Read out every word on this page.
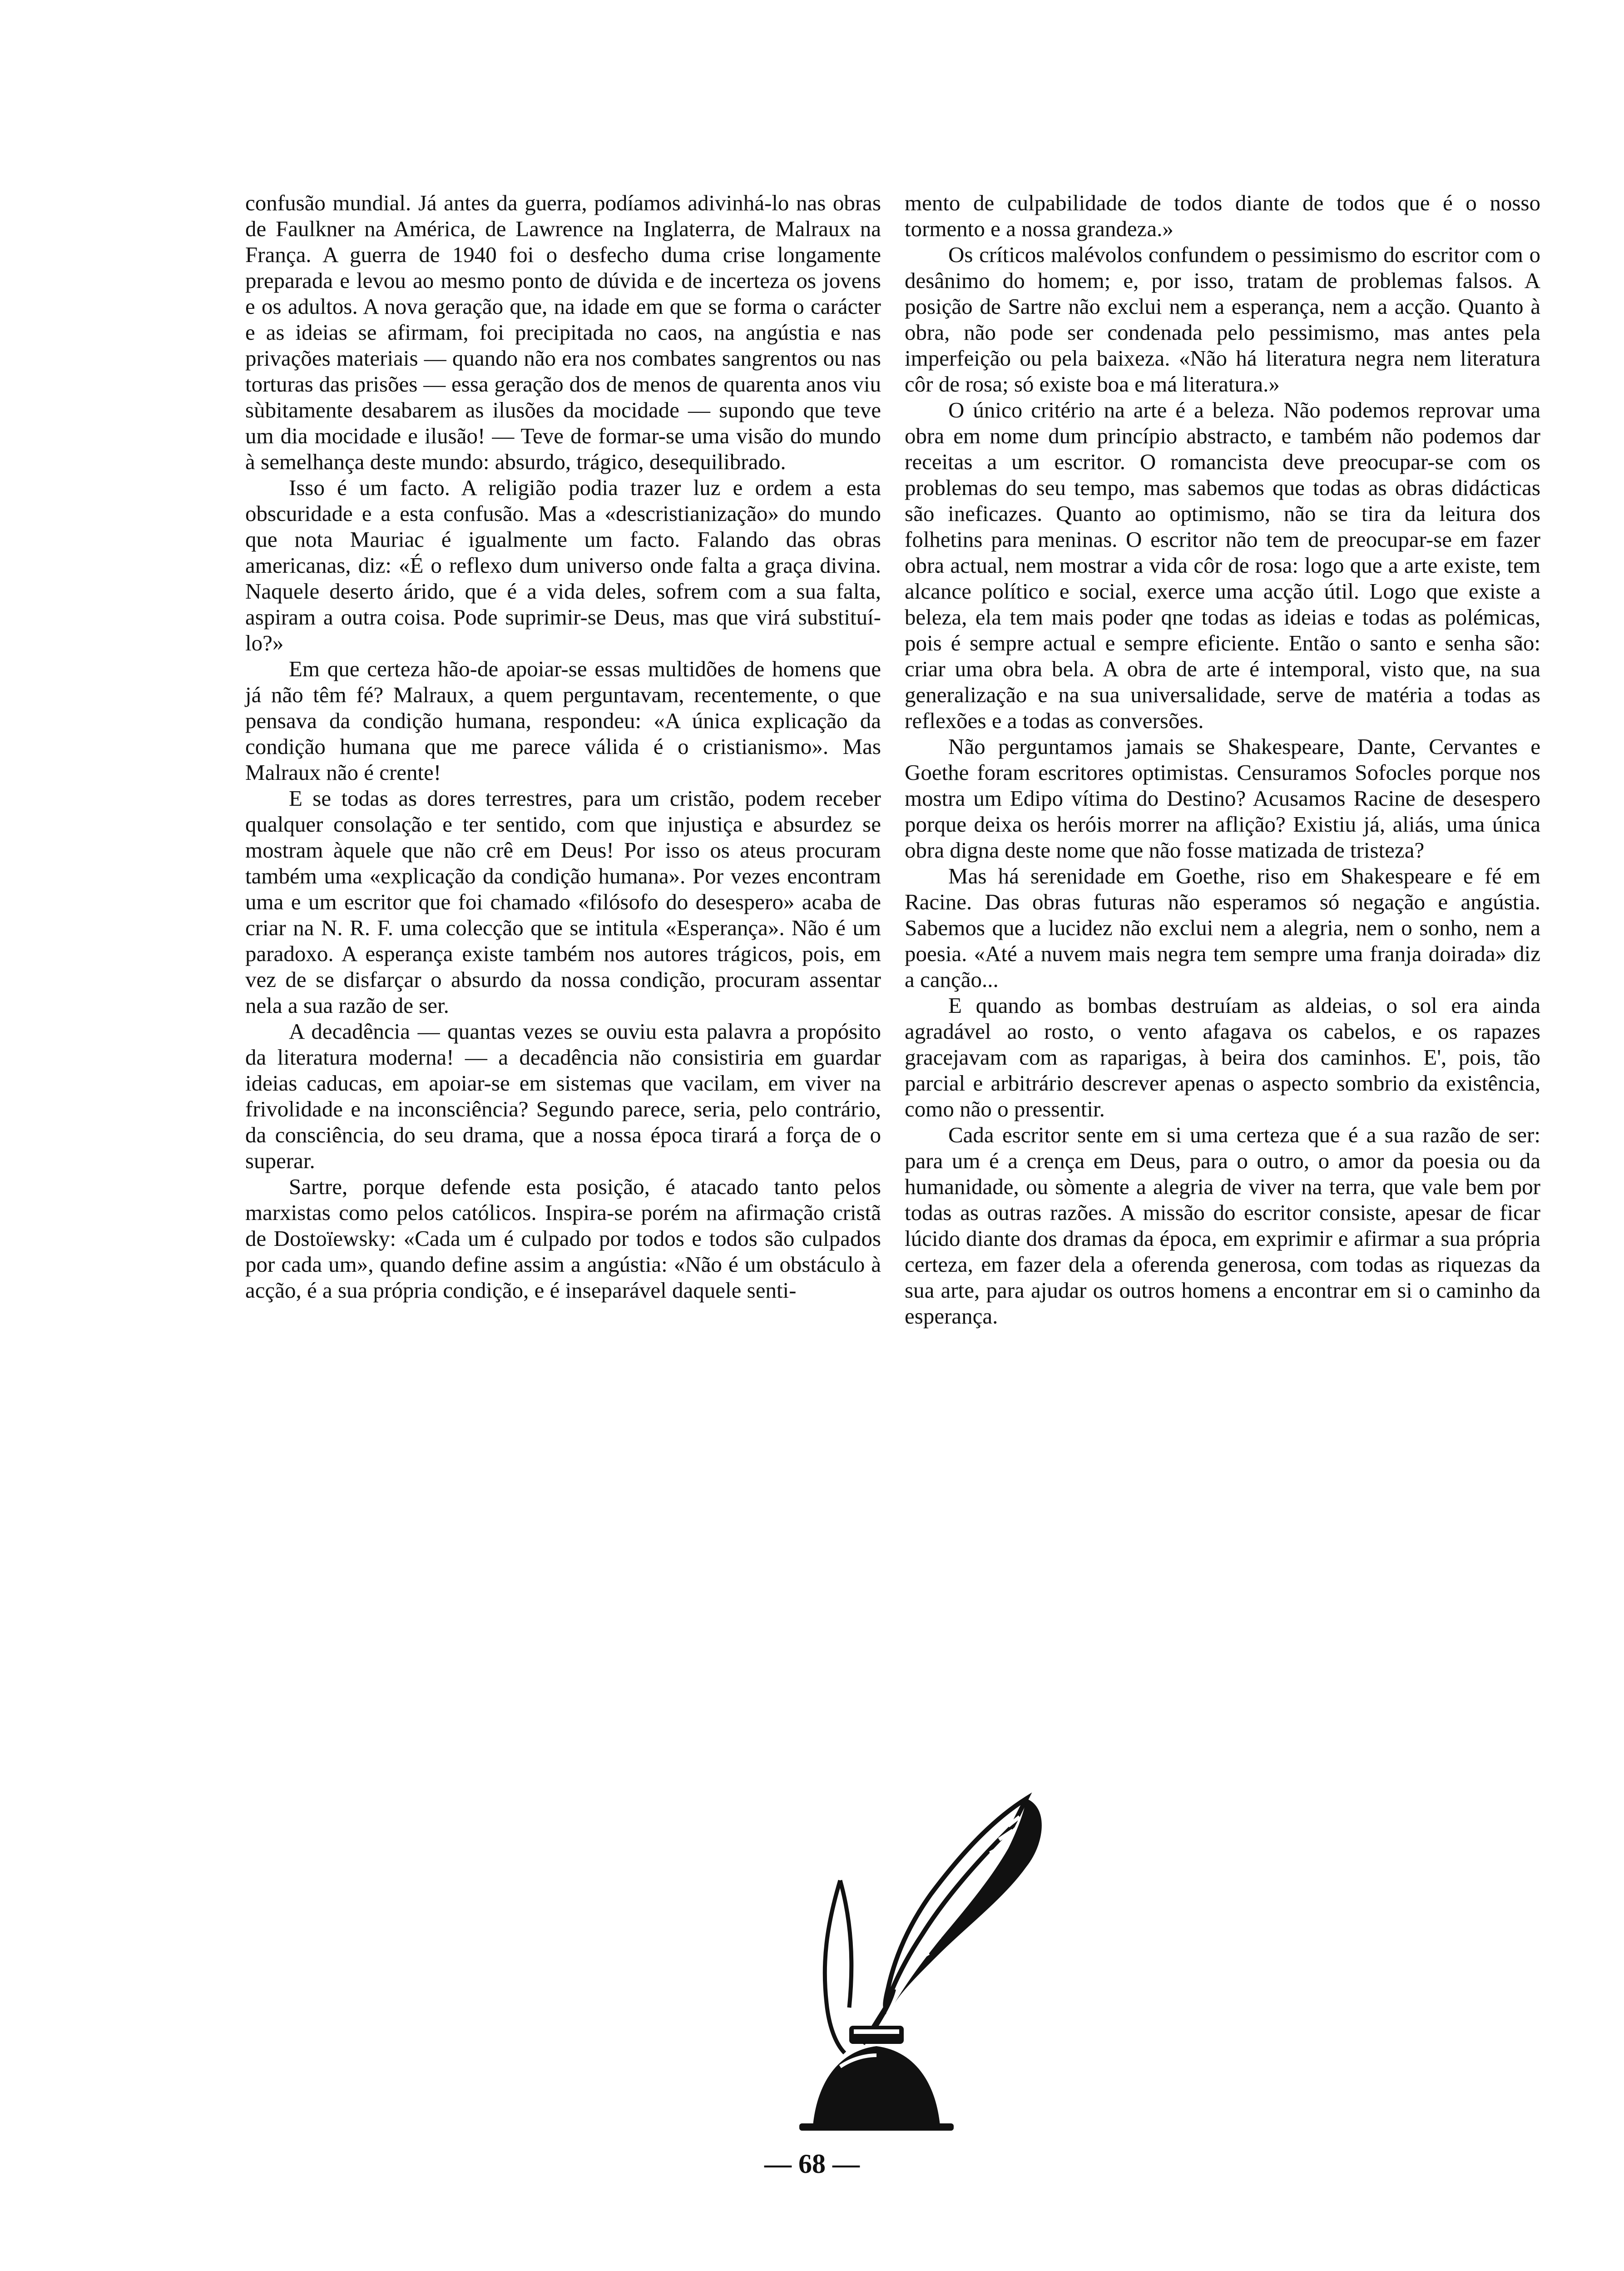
confusão mundial. Já antes da guerra, podíamos adivinhá-lo nas obras de Faulkner na América, de Lawrence na Inglaterra, de Malraux na França. A guerra de 1940 foi o desfecho duma crise longamente preparada e levou ao mesmo ponto de dúvida e de incerteza os jovens e os adultos. A nova geração que, na idade em que se forma o carácter e as ideias se afirmam, foi precipitada no caos, na angústia e nas privações materiais — quando não era nos combates sangrentos ou nas torturas das prisões — essa geração dos de menos de quarenta anos viu sùbitamente desabarem as ilusões da mocidade — supondo que teve um dia mocidade e ilusão! — Teve de formar-se uma visão do mundo à semelhança deste mundo: absurdo, trágico, desequilibrado.

Isso é um facto. A religião podia trazer luz e ordem a esta obscuridade e a esta confusão. Mas a «descristianização» do mundo que nota Mauriac é igualmente um facto. Falando das obras americanas, diz: «É o reflexo dum universo onde falta a graça divina. Naquele deserto árido, que é a vida deles, sofrem com a sua falta, aspiram a outra coisa. Pode suprimir-se Deus, mas que virá substituí-lo?»

Em que certeza hão-de apoiar-se essas multidões de homens que já não têm fé? Malraux, a quem perguntavam, recentemente, o que pensava da condição humana, respondeu: «A única explicação da condição humana que me parece válida é o cristianismo». Mas Malraux não é crente!

E se todas as dores terrestres, para um cristão, podem receber qualquer consolação e ter sentido, com que injustiça e absurdez se mostram àquele que não crê em Deus! Por isso os ateus procuram também uma «explicação da condição humana». Por vezes encontram uma e um escritor que foi chamado «filósofo do desespero» acaba de criar na N. R. F. uma colecção que se intitula «Esperança». Não é um paradoxo. A esperança existe também nos autores trágicos, pois, em vez de se disfarçar o absurdo da nossa condição, procuram assentar nela a sua razão de ser.

A decadência — quantas vezes se ouviu esta palavra a propósito da literatura moderna! — a decadência não consistiria em guardar ideias caducas, em apoiar-se em sistemas que vacilam, em viver na frivolidade e na inconsciência? Segundo parece, seria, pelo contrário, da consciência, do seu drama, que a nossa época tirará a força de o superar.

Sartre, porque defende esta posição, é atacado tanto pelos marxistas como pelos católicos. Inspira-se porém na afirmação cristã de Dostoïewsky: «Cada um é culpado por todos e todos são culpados por cada um», quando define assim a angústia: «Não é um obstáculo à acção, é a sua própria condição, e é inseparável daquele senti-

mento de culpabilidade de todos diante de todos que é o nosso tormento e a nossa grandeza.»

Os críticos malévolos confundem o pessimismo do escritor com o desânimo do homem; e, por isso, tratam de problemas falsos. A posição de Sartre não exclui nem a esperança, nem a acção. Quanto à obra, não pode ser condenada pelo pessimismo, mas antes pela imperfeição ou pela baixeza. «Não há literatura negra nem literatura côr de rosa; só existe boa e má literatura.»

O único critério na arte é a beleza. Não podemos reprovar uma obra em nome dum princípio abstracto, e também não podemos dar receitas a um escritor. O romancista deve preocupar-se com os problemas do seu tempo, mas sabemos que todas as obras didácticas são ineficazes. Quanto ao optimismo, não se tira da leitura dos folhetins para meninas. O escritor não tem de preocupar-se em fazer obra actual, nem mostrar a vida côr de rosa: logo que a arte existe, tem alcance político e social, exerce uma acção útil. Logo que existe a beleza, ela tem mais poder qne todas as ideias e todas as polémicas, pois é sempre actual e sempre eficiente. Então o santo e senha são: criar uma obra bela. A obra de arte é intemporal, visto que, na sua generalização e na sua universalidade, serve de matéria a todas as reflexões e a todas as conversões.

Não perguntamos jamais se Shakespeare, Dante, Cervantes e Goethe foram escritores optimistas. Censuramos Sofocles porque nos mostra um Edipo vítima do Destino? Acusamos Racine de desespero porque deixa os heróis morrer na aflição? Existiu já, aliás, uma única obra digna deste nome que não fosse matizada de tristeza?

Mas há serenidade em Goethe, riso em Shakespeare e fé em Racine. Das obras futuras não esperamos só negação e angústia. Sabemos que a lucidez não exclui nem a alegria, nem o sonho, nem a poesia. «Até a nuvem mais negra tem sempre uma franja doirada» diz a canção...

E quando as bombas destruíam as aldeias, o sol era ainda agradável ao rosto, o vento afagava os cabelos, e os rapazes gracejavam com as raparigas, à beira dos caminhos. E', pois, tão parcial e arbitrário descrever apenas o aspecto sombrio da existência, como não o pressentir.

Cada escritor sente em si uma certeza que é a sua razão de ser: para um é a crença em Deus, para o outro, o amor da poesia ou da humanidade, ou sòmente a alegria de viver na terra, que vale bem por todas as outras razões. A missão do escritor consiste, apesar de ficar lúcido diante dos dramas da época, em exprimir e afirmar a sua própria certeza, em fazer dela a oferenda generosa, com todas as riquezas da sua arte, para ajudar os outros homens a encontrar em si o caminho da esperança.

— 68 —
